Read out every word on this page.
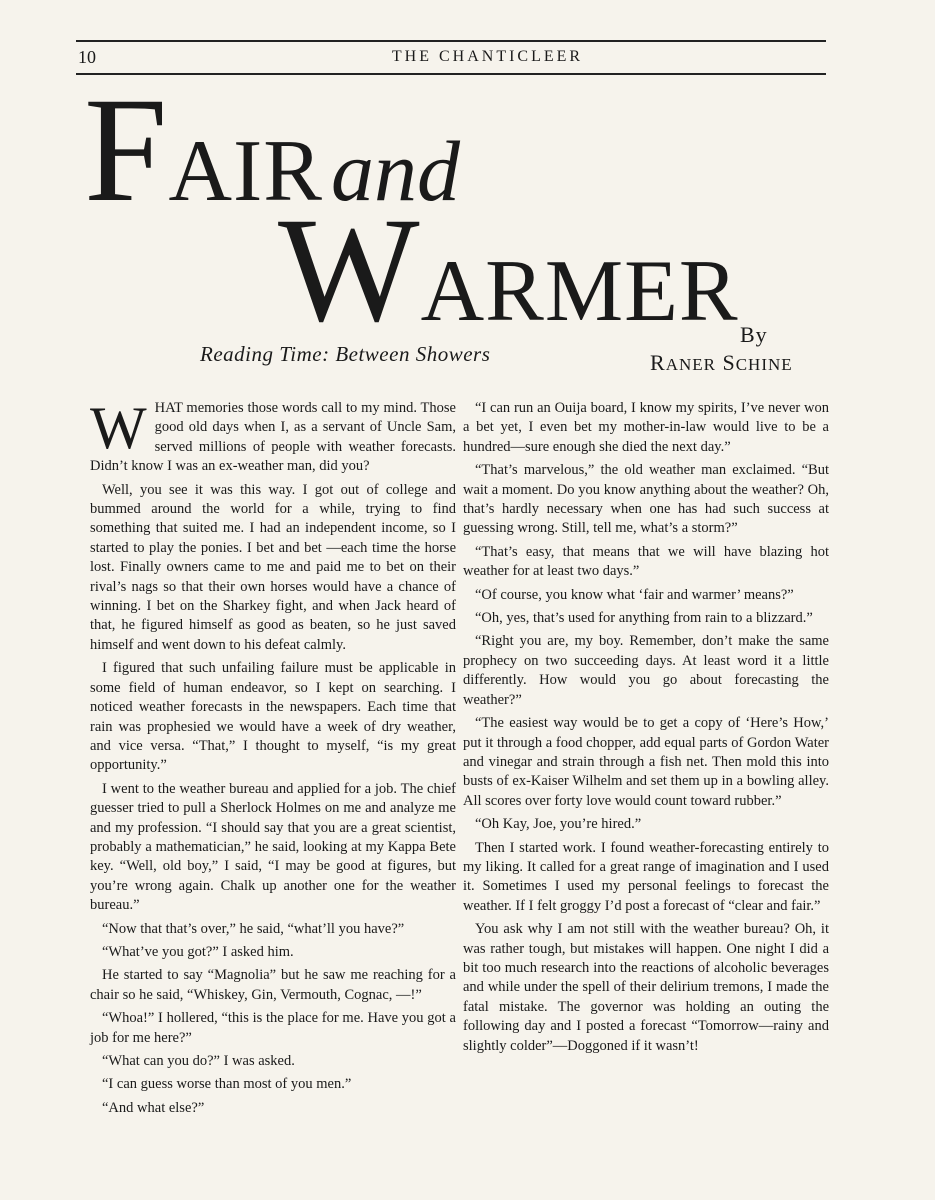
10	THE CHANTICLEER
FAIRand
WARMER
Reading Time: Between Showers
By
RANER SCHINE

WHAT memories those words call to my mind. Those good old days when I, as a servant of Uncle Sam, served millions of people with weather forecasts. Didn’t know I was an ex-weather man, did you?

Well, you see it was this way. I got out of college and bummed around the world for a while, trying to find something that suited me. I had an independent income, so I started to play the ponies. I bet and bet —each time the horse lost. Finally owners came to me and paid me to bet on their rival’s nags so that their own horses would have a chance of winning. I bet on the Sharkey fight, and when Jack heard of that, he figured himself as good as beaten, so he just saved himself and went down to his defeat calmly.

I figured that such unfailing failure must be applicable in some field of human endeavor, so I kept on searching. I noticed weather forecasts in the newspapers. Each time that rain was prophesied we would have a week of dry weather, and vice versa. “That,” I thought to myself, “is my great opportunity.”

I went to the weather bureau and applied for a job. The chief guesser tried to pull a Sherlock Holmes on me and analyze me and my profession. “I should say that you are a great scientist, probably a mathematician,” he said, looking at my Kappa Bete key. “Well, old boy,” I said, “I may be good at figures, but you’re wrong again. Chalk up another one for the weather bureau.”

“Now that that’s over,” he said, “what’ll you have?”

“What’ve you got?” I asked him.

He started to say “Magnolia” but he saw me reaching for a chair so he said, “Whiskey, Gin, Vermouth, Cognac, —!”

“Whoa!” I hollered, “this is the place for me. Have you got a job for me here?”

“What can you do?” I was asked.

“I can guess worse than most of you men.”

“And what else?”

“I can run an Ouija board, I know my spirits, I’ve never won a bet yet, I even bet my mother-in-law would live to be a hundred—sure enough she died the next day.”

“That’s marvelous,” the old weather man exclaimed. “But wait a moment. Do you know anything about the weather? Oh, that’s hardly necessary when one has had such success at guessing wrong. Still, tell me, what’s a storm?”

“That’s easy, that means that we will have blazing hot weather for at least two days.”

“Of course, you know what ‘fair and warmer’ means?”

“Oh, yes, that’s used for anything from rain to a blizzard.”

“Right you are, my boy. Remember, don’t make the same prophecy on two succeeding days. At least word it a little differently. How would you go about forecasting the weather?”

“The easiest way would be to get a copy of ‘Here’s How,’ put it through a food chopper, add equal parts of Gordon Water and vinegar and strain through a fish net. Then mold this into busts of ex-Kaiser Wilhelm and set them up in a bowling alley. All scores over forty love would count toward rubber.”

“Oh Kay, Joe, you’re hired.”

Then I started work. I found weather-forecasting entirely to my liking. It called for a great range of imagination and I used it. Sometimes I used my personal feelings to forecast the weather. If I felt groggy I’d post a forecast of “clear and fair.”

You ask why I am not still with the weather bureau? Oh, it was rather tough, but mistakes will happen. One night I did a bit too much research into the reactions of alcoholic beverages and while under the spell of their delirium tremons, I made the fatal mistake. The governor was holding an outing the following day and I posted a forecast “Tomorrow—rainy and slightly colder”—Doggoned if it wasn’t!
